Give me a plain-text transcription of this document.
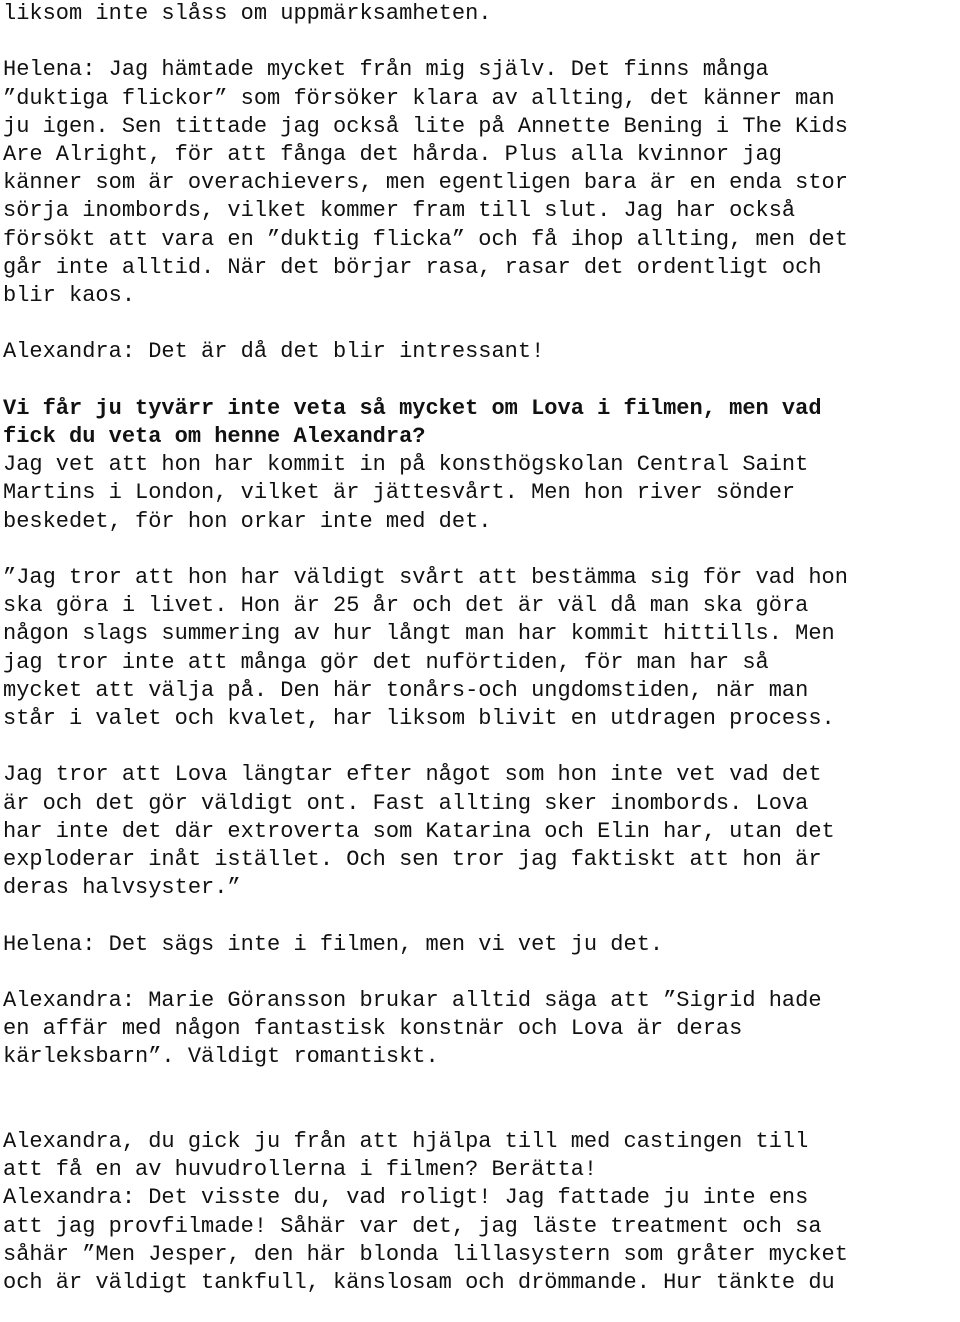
liksom inte slåss om uppmärksamheten.
Helena: Jag hämtade mycket från mig själv. Det finns många
”duktiga flickor” som försöker klara av allting, det känner man
ju igen. Sen tittade jag också lite på Annette Bening i The Kids
Are Alright, för att fånga det hårda. Plus alla kvinnor jag
känner som är overachievers, men egentligen bara är en enda stor
sörja inombords, vilket kommer fram till slut. Jag har också
försökt att vara en ”duktig flicka” och få ihop allting, men det
går inte alltid. När det börjar rasa, rasar det ordentligt och
blir kaos.
Alexandra: Det är då det blir intressant!
Vi får ju tyvärr inte veta så mycket om Lova i filmen, men vad
fick du veta om henne Alexandra?
Jag vet att hon har kommit in på konsthögskolan Central Saint
Martins i London, vilket är jättesvårt. Men hon river sönder
beskedet, för hon orkar inte med det.
”Jag tror att hon har väldigt svårt att bestämma sig för vad hon
ska göra i livet. Hon är 25 år och det är väl då man ska göra
någon slags summering av hur långt man har kommit hittills. Men
jag tror inte att många gör det nuförtiden, för man har så
mycket att välja på. Den här tonårs-och ungdomstiden, när man
står i valet och kvalet, har liksom blivit en utdragen process.
Jag tror att Lova längtar efter något som hon inte vet vad det
är och det gör väldigt ont. Fast allting sker inombords. Lova
har inte det där extroverta som Katarina och Elin har, utan det
exploderar inåt istället. Och sen tror jag faktiskt att hon är
deras halvsyster.”
Helena: Det sägs inte i filmen, men vi vet ju det.
Alexandra: Marie Göransson brukar alltid säga att ”Sigrid hade
en affär med någon fantastisk konstnär och Lova är deras
kärleksbarn”. Väldigt romantiskt.
Alexandra, du gick ju från att hjälpa till med castingen till
att få en av huvudrollerna i filmen? Berätta!
Alexandra: Det visste du, vad roligt! Jag fattade ju inte ens
att jag provfilmade! Såhär var det, jag läste treatment och sa
såhär ”Men Jesper, den här blonda lillasystern som gråter mycket
och är väldigt tankfull, känslosam och drömmande. Hur tänkte du
